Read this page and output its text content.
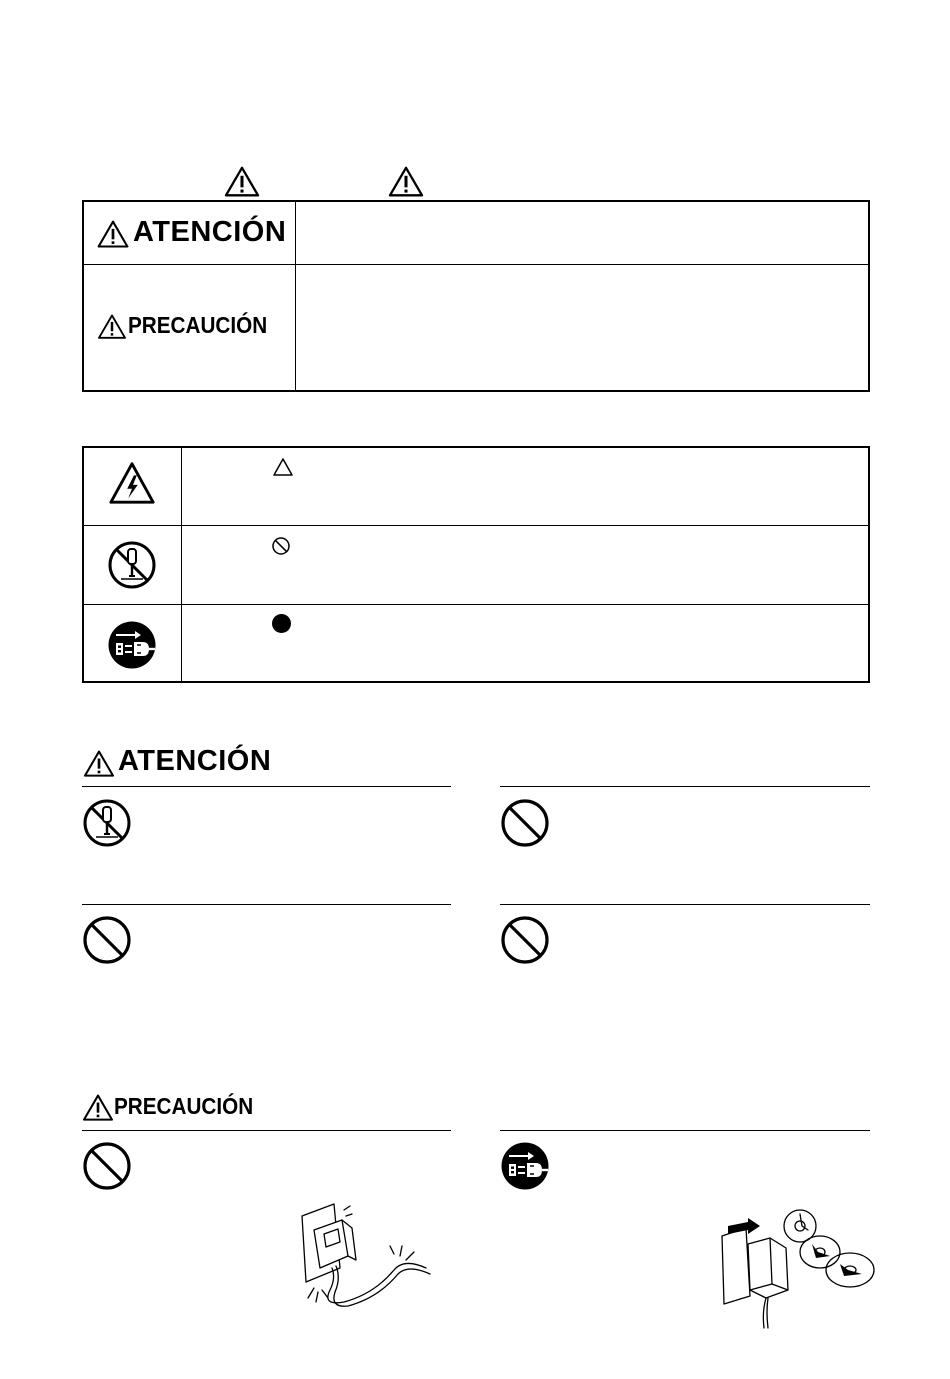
ATENCIÓN
PRECAUCIÓN
ATENCIÓN
PRECAUCIÓN
